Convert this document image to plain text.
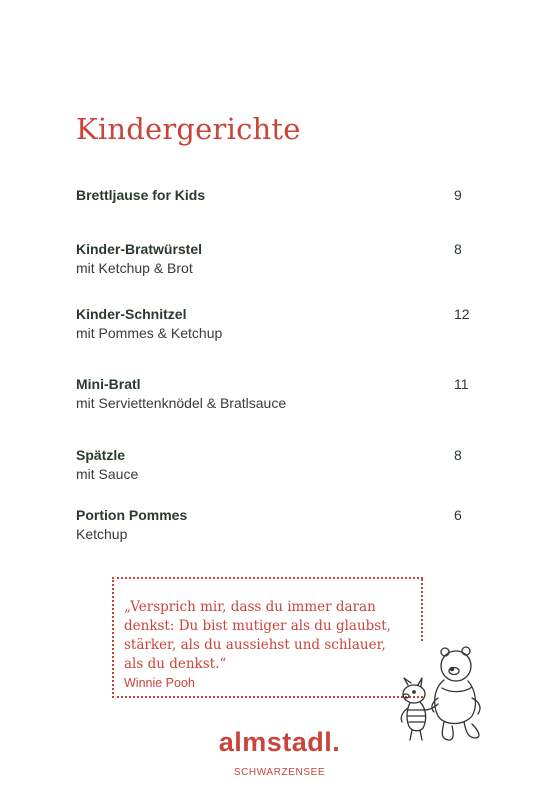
Kindergerichte
Brettljause for Kids	9
Kinder-Bratwürstel
mit Ketchup & Brot
8
Kinder-Schnitzel
mit Pommes & Ketchup
12
Mini-Bratl
mit Serviettenknödel & Bratlsauce
11
Spätzle
mit Sauce
8
Portion Pommes
Ketchup
6
„Versprich mir, dass du immer daran denkst: Du bist mutiger als du glaubst, stärker, als du aussiehst und schlauer, als du denkst.“
Winnie Pooh
almstadl.
SCHWARZENSEE
